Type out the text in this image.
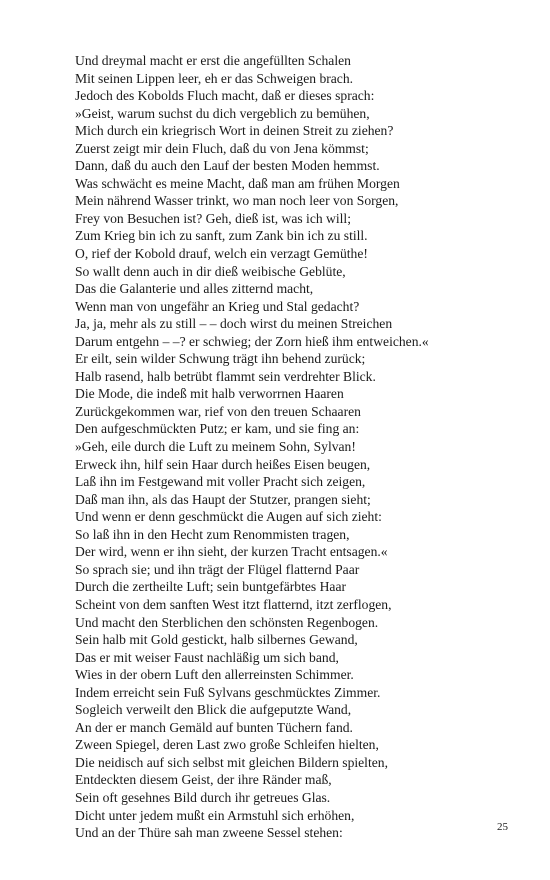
Und dreymal macht er erst die angefüllten Schalen
Mit seinen Lippen leer, eh er das Schweigen brach.
Jedoch des Kobolds Fluch macht, daß er dieses sprach:
»Geist, warum suchst du dich vergeblich zu bemühen,
Mich durch ein kriegrisch Wort in deinen Streit zu ziehen?
Zuerst zeigt mir dein Fluch, daß du von Jena kömmst;
Dann, daß du auch den Lauf der besten Moden hemmst.
Was schwächt es meine Macht, daß man am frühen Morgen
Mein nährend Wasser trinkt, wo man noch leer von Sorgen,
Frey von Besuchen ist? Geh, dieß ist, was ich will;
Zum Krieg bin ich zu sanft, zum Zank bin ich zu still.
O, rief der Kobold drauf, welch ein verzagt Gemüthe!
So wallt denn auch in dir dieß weibische Geblüte,
Das die Galanterie und alles zitternd macht,
Wenn man von ungefähr an Krieg und Stal gedacht?
Ja, ja, mehr als zu still – – doch wirst du meinen Streichen
Darum entgehn – –? er schwieg; der Zorn hieß ihm entweichen.«
Er eilt, sein wilder Schwung trägt ihn behend zurück;
Halb rasend, halb betrübt flammt sein verdrehter Blick.
Die Mode, die indeß mit halb verworrnen Haaren
Zurückgekommen war, rief von den treuen Schaaren
Den aufgeschmückten Putz; er kam, und sie fing an:
»Geh, eile durch die Luft zu meinem Sohn, Sylvan!
Erweck ihn, hilf sein Haar durch heißes Eisen beugen,
Laß ihn im Festgewand mit voller Pracht sich zeigen,
Daß man ihn, als das Haupt der Stutzer, prangen sieht;
Und wenn er denn geschmückt die Augen auf sich zieht:
So laß ihn in den Hecht zum Renommisten tragen,
Der wird, wenn er ihn sieht, der kurzen Tracht entsagen.«
So sprach sie; und ihn trägt der Flügel flatternd Paar
Durch die zertheilte Luft; sein buntgefärbtes Haar
Scheint von dem sanften West itzt flatternd, itzt zerflogen,
Und macht den Sterblichen den schönsten Regenbogen.
Sein halb mit Gold gestickt, halb silbernes Gewand,
Das er mit weiser Faust nachläßig um sich band,
Wies in der obern Luft den allerreinsten Schimmer.
Indem erreicht sein Fuß Sylvans geschmücktes Zimmer.
Sogleich verweilt den Blick die aufgeputzte Wand,
An der er manch Gemäld auf bunten Tüchern fand.
Zween Spiegel, deren Last zwo große Schleifen hielten,
Die neidisch auf sich selbst mit gleichen Bildern spielten,
Entdeckten diesem Geist, der ihre Ränder maß,
Sein oft gesehnes Bild durch ihr getreues Glas.
Dicht unter jedem mußt ein Armstuhl sich erhöhen,
Und an der Thüre sah man zweene Sessel stehen:	25
